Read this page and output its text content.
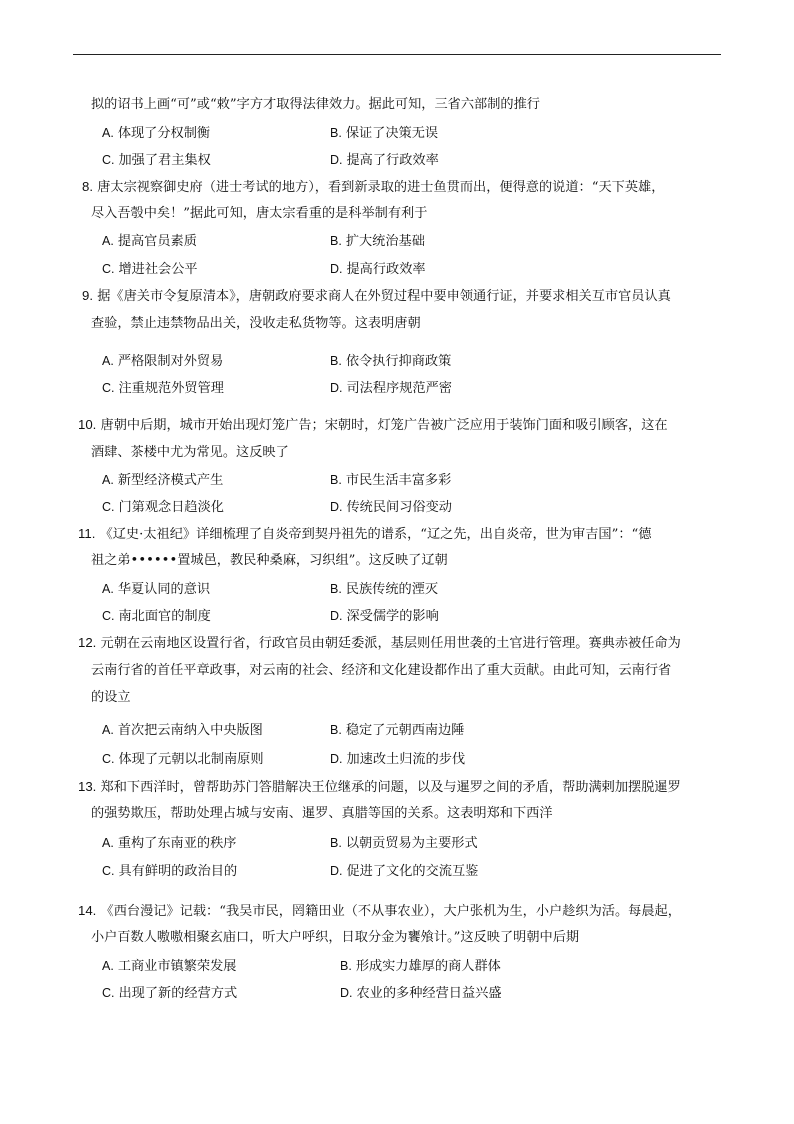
拟的诏书上画“可”或“敕”字方才取得法律效力。据此可知，三省六部制的推行
A. 体现了分权制衡	B. 保证了决策无误
C. 加强了君主集权	D. 提高了行政效率
8. 唐太宗视察御史府（进士考试的地方），看到新录取的进士鱼贯而出，便得意的说道：“天下英雄，
尽入吾彀中矣！”据此可知，唐太宗看重的是科举制有利于
A. 提高官员素质	B. 扩大统治基础
C. 增进社会公平	D. 提高行政效率
9. 据《唐关市令复原清本》，唐朝政府要求商人在外贸过程中要申领通行证，并要求相关互市官员认真
查验，禁止违禁物品出关，没收走私货物等。这表明唐朝
A. 严格限制对外贸易	B. 依令执行抑商政策
C. 注重规范外贸管理	D. 司法程序规范严密
10. 唐朝中后期，城市开始出现灯笼广告；宋朝时，灯笼广告被广泛应用于装饰门面和吸引顾客，这在
酒肆、茶楼中尤为常见。这反映了
A. 新型经济模式产生	B. 市民生活丰富多彩
C. 门第观念日趋淡化	D. 传统民间习俗变动
11. 《辽史·太祖纪》详细梳理了自炎帝到契丹祖先的谱系，“辽之先，出自炎帝，世为审吉国”：“德
祖之弟••••••置城邑，教民种桑麻，习织组”。这反映了辽朝
A. 华夏认同的意识	B. 民族传统的湮灭
C. 南北面官的制度	D. 深受儒学的影响
12. 元朝在云南地区设置行省，行政官员由朝廷委派，基层则任用世袭的土官进行管理。赛典赤被任命为
云南行省的首任平章政事，对云南的社会、经济和文化建设都作出了重大贡献。由此可知，云南行省
的设立
A. 首次把云南纳入中央版图	B. 稳定了元朝西南边陲
C. 体现了元朝以北制南原则	D. 加速改土归流的步伐
13. 郑和下西洋时，曾帮助苏门答腊解决王位继承的问题，以及与暹罗之间的矛盾，帮助满剌加摆脱暹罗
的强势欺压，帮助处理占城与安南、暹罗、真腊等国的关系。这表明郑和下西洋
A. 重构了东南亚的秩序	B. 以朝贡贸易为主要形式
C. 具有鲜明的政治目的	D. 促进了文化的交流互鉴
14. 《西台漫记》记载：“我吴市民，罔籍田业（不从事农业），大户张机为生，小户趁织为活。每晨起，
小户百数人嗷嗷相聚玄庙口，听大户呼织，日取分金为饔飧计。”这反映了明朝中后期
A. 工商业市镇繁荣发展	B. 形成实力雄厚的商人群体
C. 出现了新的经营方式	D. 农业的多种经营日益兴盛
